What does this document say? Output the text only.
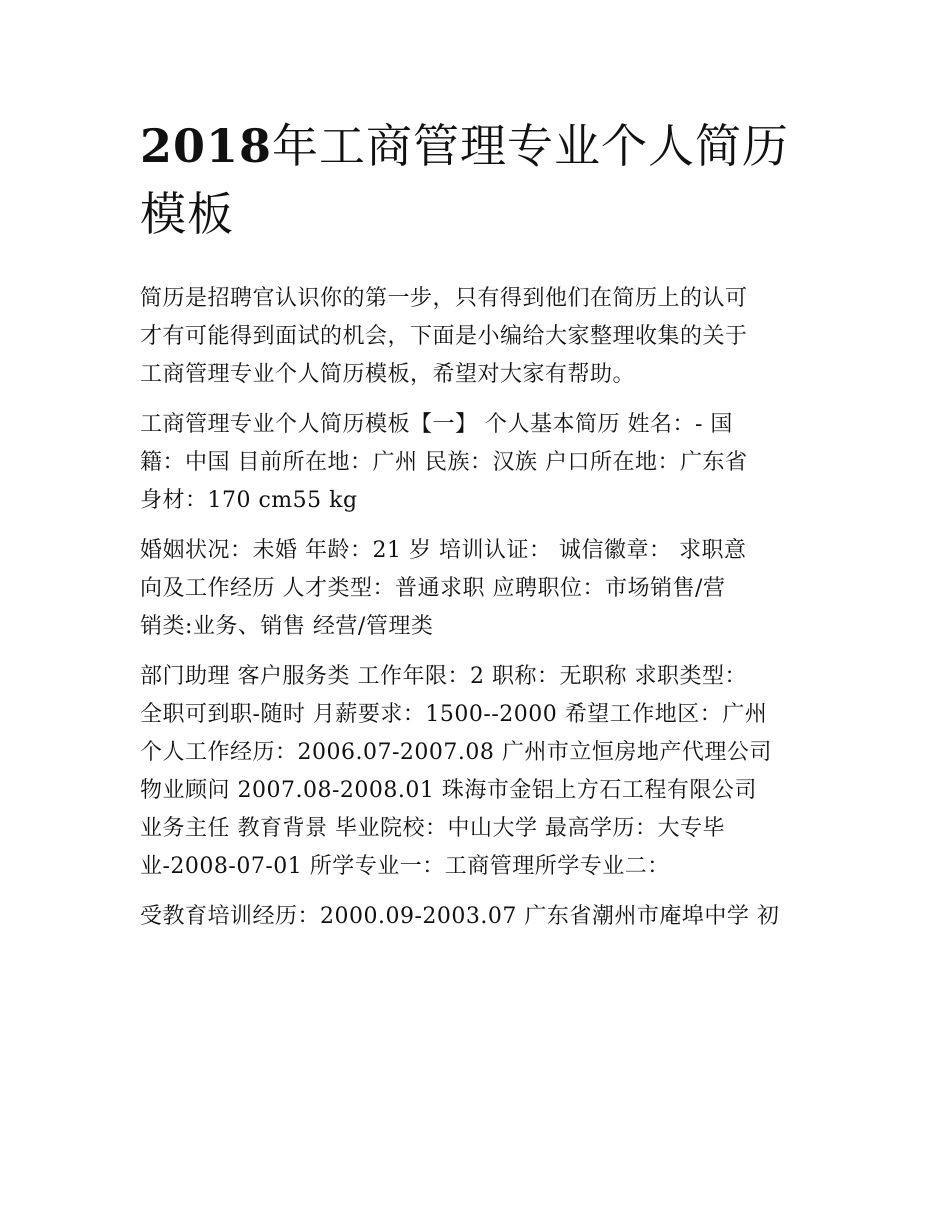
2018年工商管理专业个人简历
模板
简历是招聘官认识你的第一步，只有得到他们在简历上的认可
才有可能得到面试的机会，下面是小编给大家整理收集的关于
工商管理专业个人简历模板，希望对大家有帮助。
工商管理专业个人简历模板【一】 个人基本简历 姓名：- 国
籍：中国 目前所在地：广州 民族：汉族 户口所在地：广东省
身材：170 cm55 kg
婚姻状况：未婚 年龄：21 岁 培训认证： 诚信徽章： 求职意
向及工作经历 人才类型：普通求职 应聘职位：市场销售/营
销类:业务、销售 经营/管理类
部门助理 客户服务类 工作年限：2 职称：无职称 求职类型：
全职可到职-随时 月薪要求：1500--2000 希望工作地区：广州
个人工作经历：2006.07-2007.08 广州市立恒房地产代理公司
物业顾问 2007.08-2008.01 珠海市金铝上方石工程有限公司
业务主任 教育背景 毕业院校：中山大学 最高学历：大专毕
业-2008-07-01 所学专业一：工商管理所学专业二：
受教育培训经历：2000.09-2003.07 广东省潮州市庵埠中学 初
